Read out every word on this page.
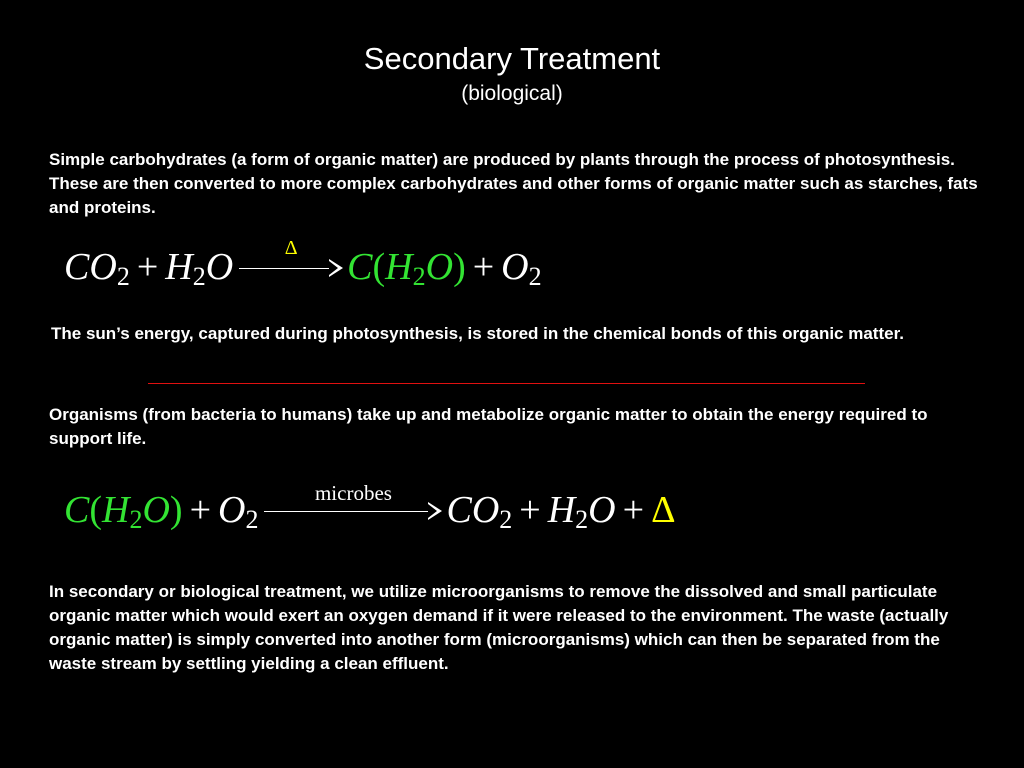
Secondary Treatment
(biological)
Simple carbohydrates (a form of organic matter) are produced by plants through the process of photosynthesis. These are then converted to more complex carbohydrates and other forms of organic matter such as starches, fats and proteins.
$CO_2 + H_2O$	Δ	$C(H_2O) + O_2$
The sun’s energy, captured during photosynthesis, is stored in the chemical bonds of this organic matter.
Organisms (from bacteria to humans) take up and metabolize organic matter to obtain the energy required to support life.
$C(H_2O) + O_2$
microbes	$CO_2 + H_2O + \Delta$
In secondary or biological treatment, we utilize microorganisms to remove the dissolved and small particulate organic matter which would exert an oxygen demand if it were released to the environment. The waste (actually organic matter) is simply converted into another form (microorganisms) which can then be separated from the waste stream by settling yielding a clean effluent.
